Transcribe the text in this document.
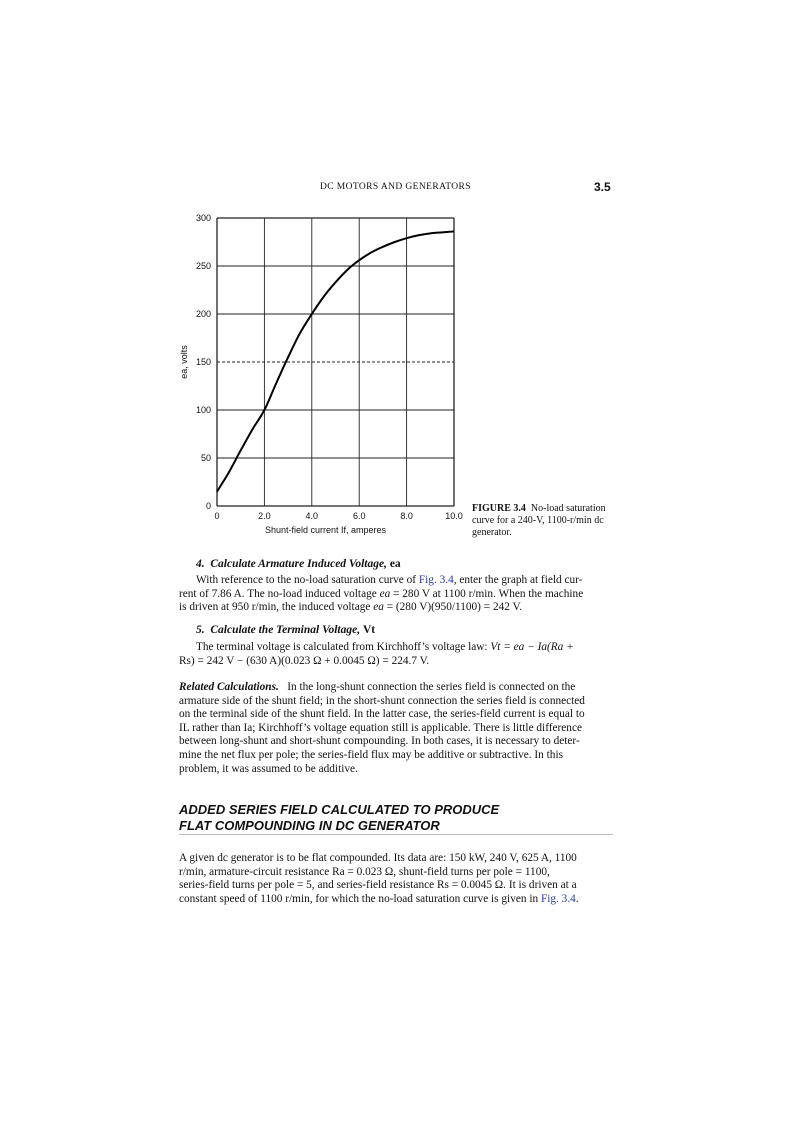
DC MOTORS AND GENERATORS	3.5
0	2.0	4.0	6.0	8.0	10.0
0
50
100
150
200
250
300
Shunt-field current If, amperes
ea, volts
FIGURE 3.4 No-load saturation curve for a 240-V, 1100-r/min dc generator.
4. Calculate Armature Induced Voltage, ea
With reference to the no-load saturation curve of Fig. 3.4, enter the graph at field cur-
rent of 7.86 A. The no-load induced voltage ea = 280 V at 1100 r/min. When the machine
is driven at 950 r/min, the induced voltage ea = (280 V)(950/1100) = 242 V.
5. Calculate the Terminal Voltage, Vt
The terminal voltage is calculated from Kirchhoff’s voltage law: Vt = ea − Ia(Ra +
Rs) = 242 V − (630 A)(0.023 Ω + 0.0045 Ω) = 224.7 V.
Related Calculations. In the long-shunt connection the series field is connected on the
armature side of the shunt field; in the short-shunt connection the series field is connected
on the terminal side of the shunt field. In the latter case, the series-field current is equal to
IL rather than Ia; Kirchhoff’s voltage equation still is applicable. There is little difference
between long-shunt and short-shunt compounding. In both cases, it is necessary to deter-
mine the net flux per pole; the series-field flux may be additive or subtractive. In this
problem, it was assumed to be additive.
ADDED SERIES FIELD CALCULATED TO PRODUCE
FLAT COMPOUNDING IN DC GENERATOR
A given dc generator is to be flat compounded. Its data are: 150 kW, 240 V, 625 A, 1100
r/min, armature-circuit resistance Ra = 0.023 Ω, shunt-field turns per pole = 1100,
series-field turns per pole = 5, and series-field resistance Rs = 0.0045 Ω. It is driven at a
constant speed of 1100 r/min, for which the no-load saturation curve is given in Fig. 3.4.
